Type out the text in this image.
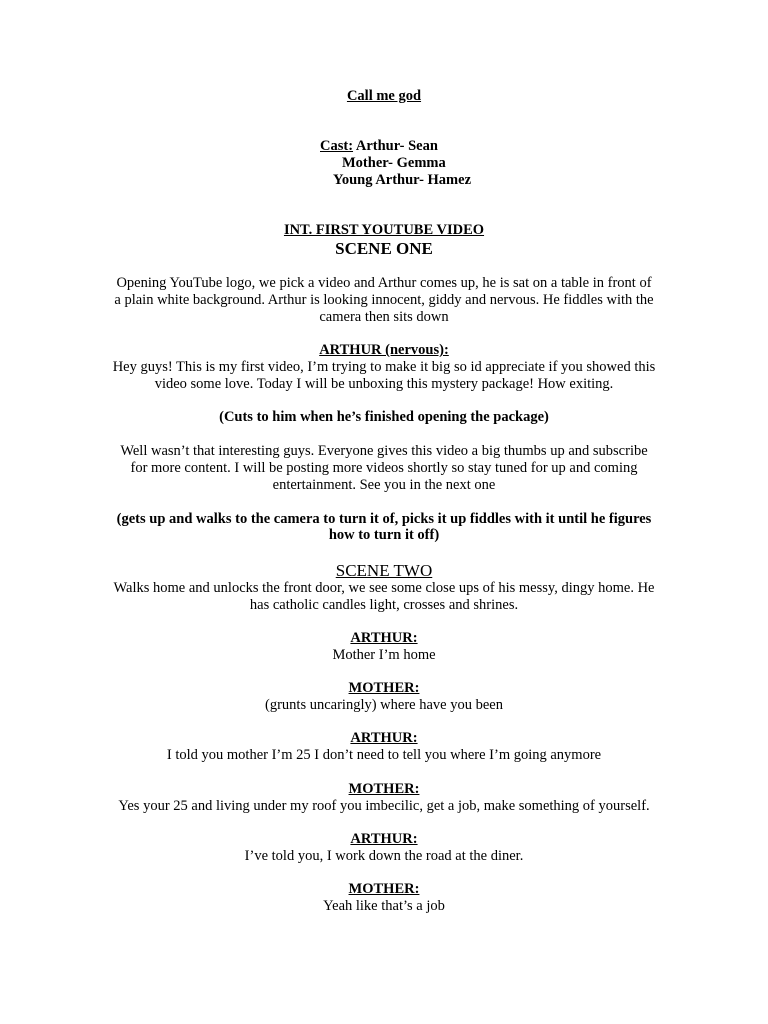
Call me god
Cast: Arthur- Sean
Mother- Gemma
Young Arthur- Hamez
INT. FIRST YOUTUBE VIDEO
SCENE ONE
Opening YouTube logo, we pick a video and Arthur comes up, he is sat on a table in front of
a plain white background. Arthur is looking innocent, giddy and nervous. He fiddles with the
camera then sits down
ARTHUR (nervous):
Hey guys! This is my first video, I’m trying to make it big so id appreciate if you showed this
video some love. Today I will be unboxing this mystery package! How exiting.
(Cuts to him when he’s finished opening the package)
Well wasn’t that interesting guys. Everyone gives this video a big thumbs up and subscribe
for more content. I will be posting more videos shortly so stay tuned for up and coming
entertainment. See you in the next one
(gets up and walks to the camera to turn it of, picks it up fiddles with it until he figures
how to turn it off)
SCENE TWO
Walks home and unlocks the front door, we see some close ups of his messy, dingy home. He
has catholic candles light, crosses and shrines.
ARTHUR:
Mother I’m home
MOTHER:
(grunts uncaringly) where have you been
ARTHUR:
I told you mother I’m 25 I don’t need to tell you where I’m going anymore
MOTHER:
Yes your 25 and living under my roof you imbecilic, get a job, make something of yourself.
ARTHUR:
I’ve told you, I work down the road at the diner.
MOTHER:
Yeah like that’s a job
